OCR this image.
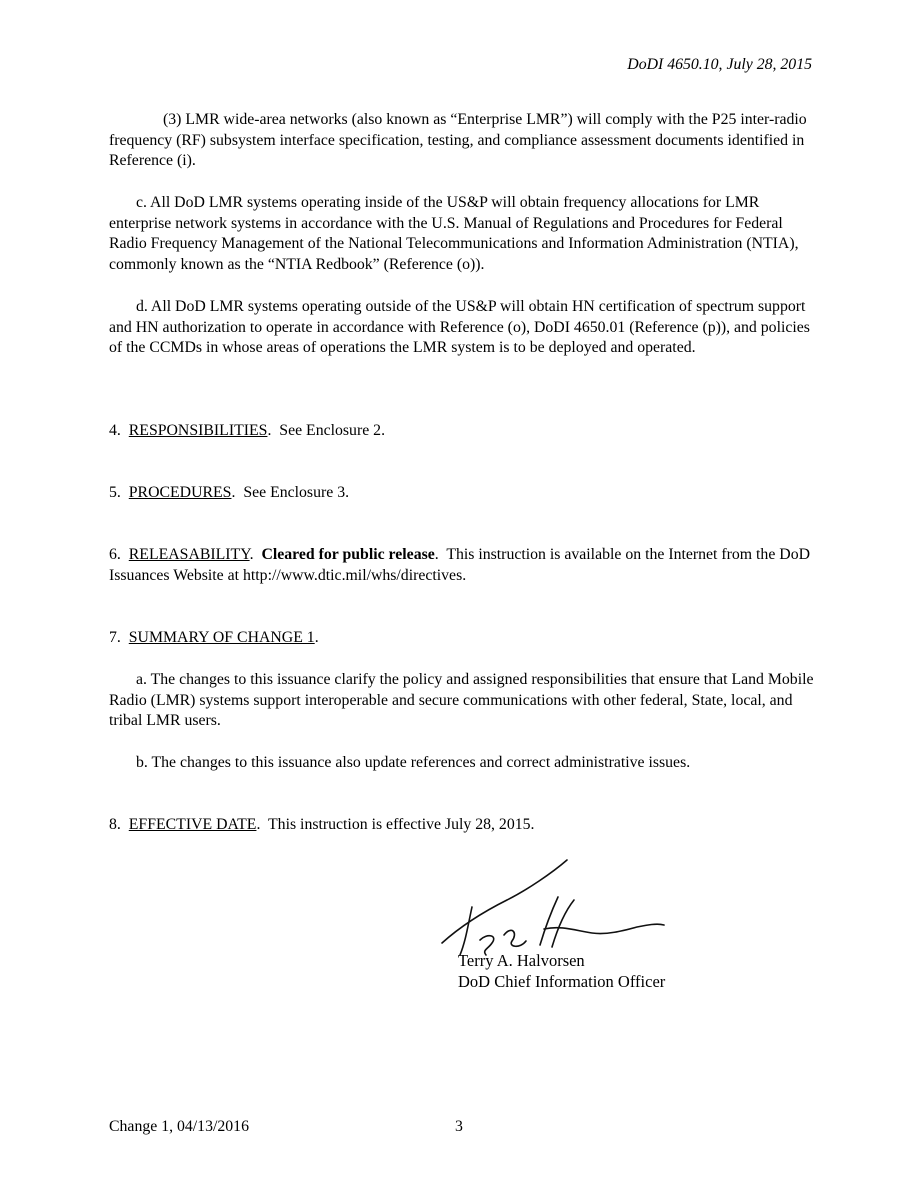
DoDI 4650.10, July 28, 2015
(3) LMR wide-area networks (also known as “Enterprise LMR”) will comply with the P25 inter-radio frequency (RF) subsystem interface specification, testing, and compliance assessment documents identified in Reference (i).
c. All DoD LMR systems operating inside of the US&P will obtain frequency allocations for LMR enterprise network systems in accordance with the U.S. Manual of Regulations and Procedures for Federal Radio Frequency Management of the National Telecommunications and Information Administration (NTIA), commonly known as the “NTIA Redbook” (Reference (o)).
d. All DoD LMR systems operating outside of the US&P will obtain HN certification of spectrum support and HN authorization to operate in accordance with Reference (o), DoDI 4650.01 (Reference (p)), and policies of the CCMDs in whose areas of operations the LMR system is to be deployed and operated.
4. RESPONSIBILITIES.  See Enclosure 2.
5. PROCEDURES.  See Enclosure 3.
6. RELEASABILITY.  Cleared for public release.  This instruction is available on the Internet from the DoD Issuances Website at http://www.dtic.mil/whs/directives.
7. SUMMARY OF CHANGE 1.
a. The changes to this issuance clarify the policy and assigned responsibilities that ensure that Land Mobile Radio (LMR) systems support interoperable and secure communications with other federal, State, local, and tribal LMR users.
b. The changes to this issuance also update references and correct administrative issues.
8. EFFECTIVE DATE.  This instruction is effective July 28, 2015.
Terry A. Halvorsen
DoD Chief Information Officer
Change 1, 04/13/2016	3
